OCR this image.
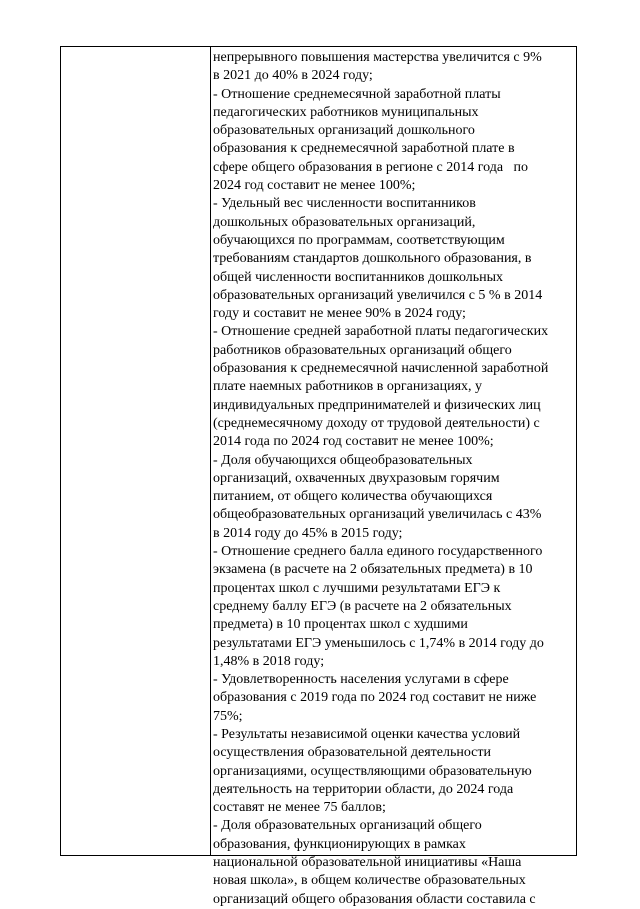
непрерывного повышения мастерства увеличится с 9%
в 2021 до 40% в 2024 году;
- Отношение среднемесячной заработной платы
педагогических работников муниципальных
образовательных организаций дошкольного
образования к среднемесячной заработной плате в
сфере общего образования в регионе с 2014 года   по
2024 год составит не менее 100%;
- Удельный вес численности воспитанников
дошкольных образовательных организаций,
обучающихся по программам, соответствующим
требованиям стандартов дошкольного образования, в
общей численности воспитанников дошкольных
образовательных организаций увеличился с 5 % в 2014
году и составит не менее 90% в 2024 году;
- Отношение средней заработной платы педагогических
работников образовательных организаций общего
образования к среднемесячной начисленной заработной
плате наемных работников в организациях, у
индивидуальных предпринимателей и физических лиц
(среднемесячному доходу от трудовой деятельности) с
2014 года по 2024 год составит не менее 100%;
- Доля обучающихся общеобразовательных
организаций, охваченных двухразовым горячим
питанием, от общего количества обучающихся
общеобразовательных организаций увеличилась с 43%
в 2014 году до 45% в 2015 году;
- Отношение среднего балла единого государственного
экзамена (в расчете на 2 обязательных предмета) в 10
процентах школ с лучшими результатами ЕГЭ к
среднему баллу ЕГЭ (в расчете на 2 обязательных
предмета) в 10 процентах школ с худшими
результатами ЕГЭ уменьшилось с 1,74% в 2014 году до
1,48% в 2018 году;
- Удовлетворенность населения услугами в сфере
образования с 2019 года по 2024 год составит не ниже
75%;
- Результаты независимой оценки качества условий
осуществления образовательной деятельности
организациями, осуществляющими образовательную
деятельность на территории области, до 2024 года
составят не менее 75 баллов;
- Доля образовательных организаций общего
образования, функционирующих в рамках
национальной образовательной инициативы «Наша
новая школа», в общем количестве образовательных
организаций общего образования области составила с
